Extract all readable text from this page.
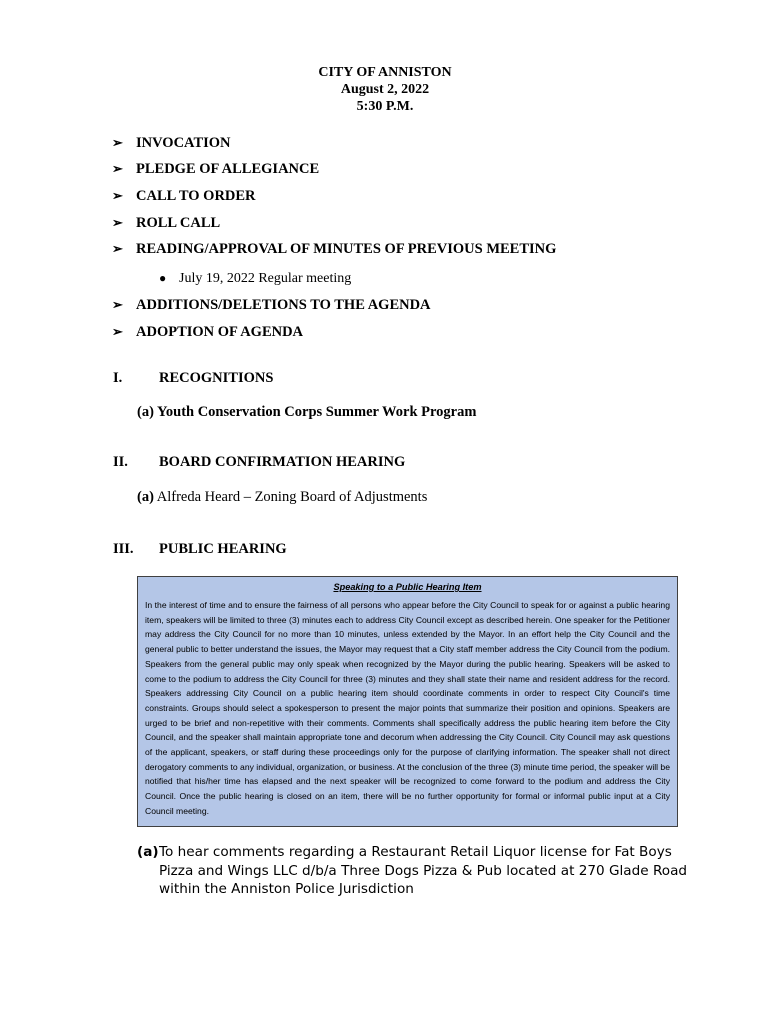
CITY OF ANNISTON
August 2, 2022
5:30 P.M.
➢ INVOCATION
➢ PLEDGE OF ALLEGIANCE
➢ CALL TO ORDER
➢ ROLL CALL
➢ READING/APPROVAL OF MINUTES OF PREVIOUS MEETING
● July 19, 2022 Regular meeting
➢ ADDITIONS/DELETIONS TO THE AGENDA
➢ ADOPTION OF AGENDA
I.	RECOGNITIONS
(a) Youth Conservation Corps Summer Work Program
II. BOARD CONFIRMATION HEARING
(a) Alfreda Heard – Zoning Board of Adjustments
III. PUBLIC HEARING
Speaking to a Public Hearing Item
In the interest of time and to ensure the fairness of all persons who appear before the City Council to speak for or against a public hearing item, speakers will be limited to three (3) minutes each to address City Council except as described herein. One speaker for the Petitioner may address the City Council for no more than 10 minutes, unless extended by the Mayor. In an effort help the City Council and the general public to better understand the issues, the Mayor may request that a City staff member address the City Council from the podium. Speakers from the general public may only speak when recognized by the Mayor during the public hearing. Speakers will be asked to come to the podium to address the City Council for three (3) minutes and they shall state their name and resident address for the record. Speakers addressing City Council on a public hearing item should coordinate comments in order to respect City Council's time constraints. Groups should select a spokesperson to present the major points that summarize their position and opinions. Speakers are urged to be brief and non-repetitive with their comments. Comments shall specifically address the public hearing item before the City Council, and the speaker shall maintain appropriate tone and decorum when addressing the City Council. City Council may ask questions of the applicant, speakers, or staff during these proceedings only for the purpose of clarifying information. The speaker shall not direct derogatory comments to any individual, organization, or business. At the conclusion of the three (3) minute time period, the speaker will be notified that his/her time has elapsed and the next speaker will be recognized to come forward to the podium and address the City Council. Once the public hearing is closed on an item, there will be no further opportunity for formal or informal public input at a City Council meeting.
(a) To hear comments regarding a Restaurant Retail Liquor license for Fat Boys Pizza and Wings LLC d/b/a Three Dogs Pizza & Pub located at 270 Glade Road within the Anniston Police Jurisdiction
